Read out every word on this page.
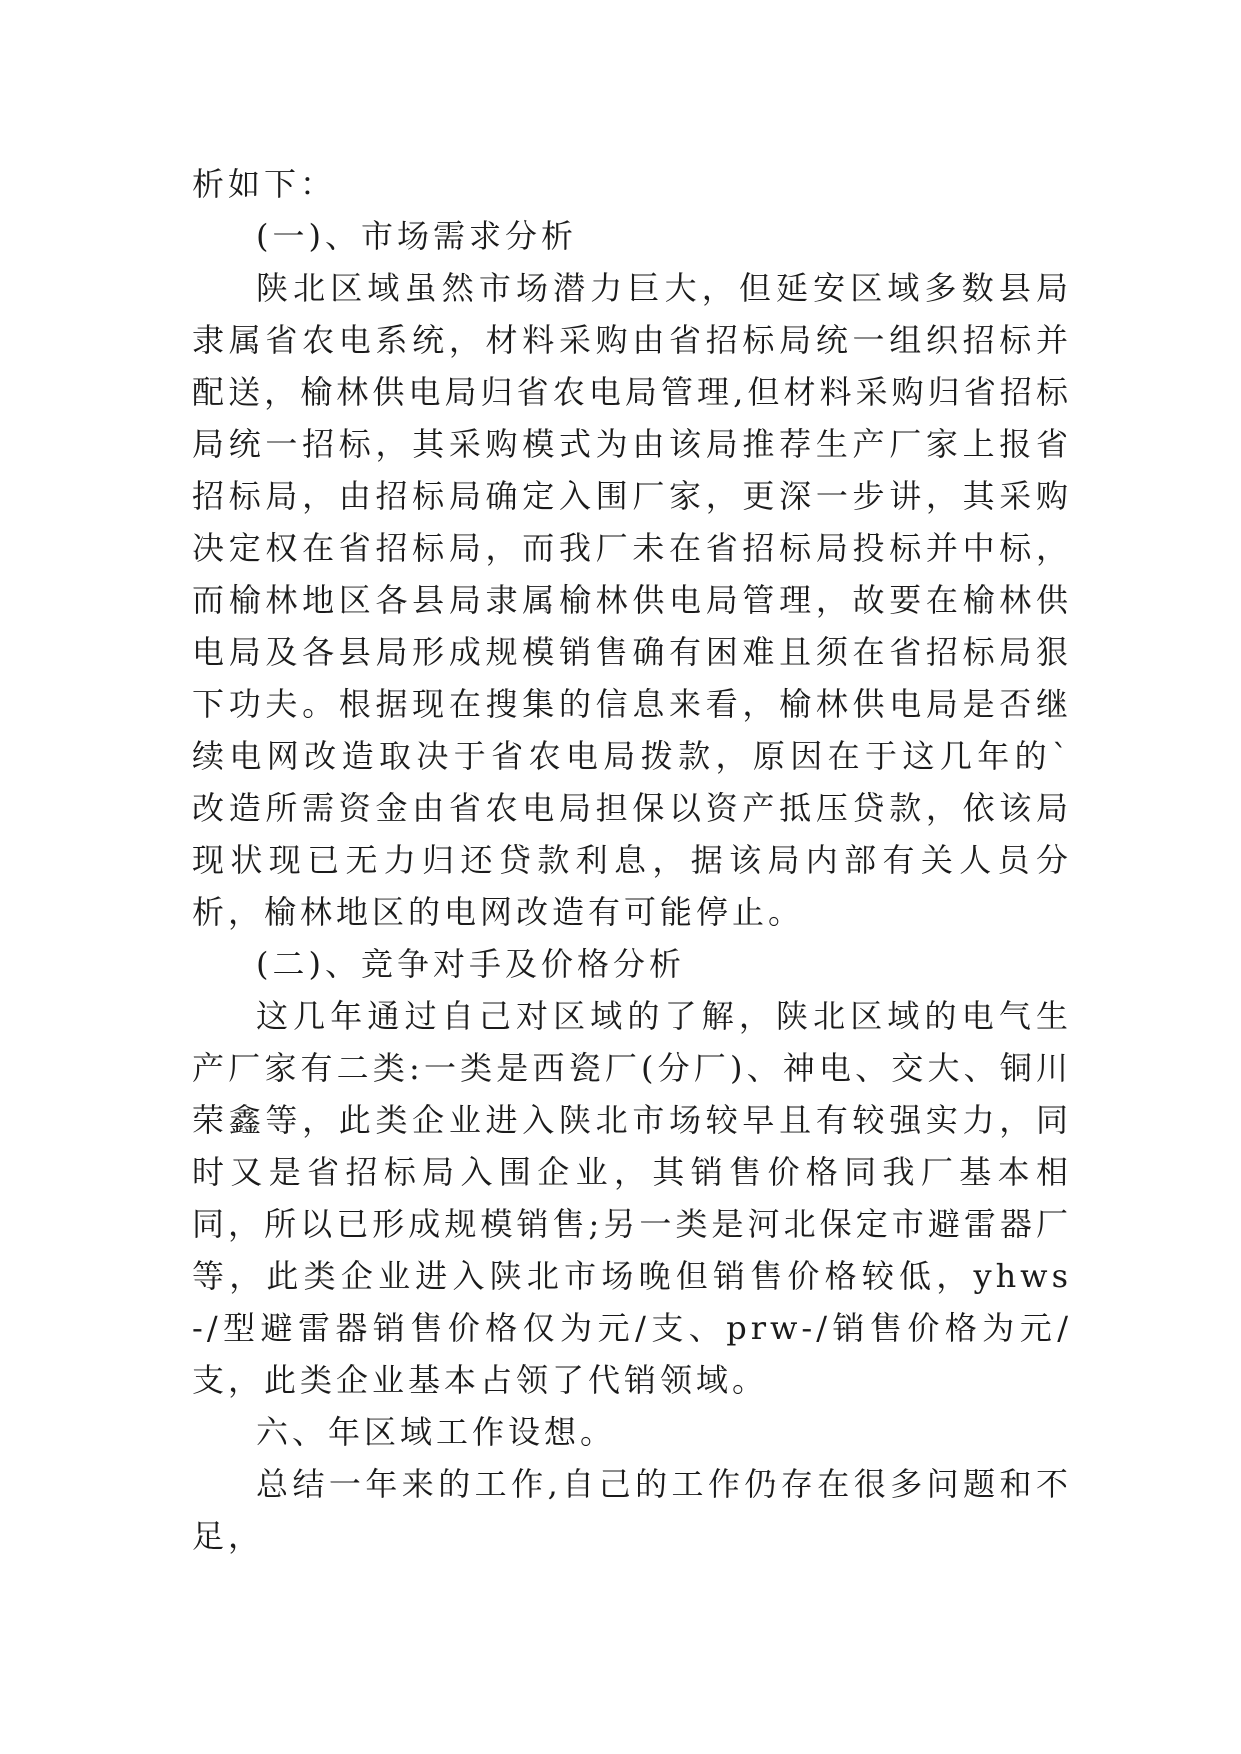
析如下：

(一)、市场需求分析

陕北区域虽然市场潜力巨大，但延安区域多数县局隶属省农电系统，材料采购由省招标局统一组织招标并配送，榆林供电局归省农电局管理,但材料采购归省招标局统一招标，其采购模式为由该局推荐生产厂家上报省招标局，由招标局确定入围厂家，更深一步讲，其采购决定权在省招标局，而我厂未在省招标局投标并中标，而榆林地区各县局隶属榆林供电局管理，故要在榆林供电局及各县局形成规模销售确有困难且须在省招标局狠下功夫。根据现在搜集的信息来看，榆林供电局是否继续电网改造取决于省农电局拨款，原因在于这几年的`改造所需资金由省农电局担保以资产抵压贷款，依该局现状现已无力归还贷款利息，据该局内部有关人员分析，榆林地区的电网改造有可能停止。

(二)、竞争对手及价格分析

这几年通过自己对区域的了解，陕北区域的电气生产厂家有二类:一类是西瓷厂(分厂)、神电、交大、铜川荣鑫等，此类企业进入陕北市场较早且有较强实力，同时又是省招标局入围企业，其销售价格同我厂基本相同，所以已形成规模销售;另一类是河北保定市避雷器厂等，此类企业进入陕北市场晚但销售价格较低，yhws-/型避雷器销售价格仅为元/支、prw-/销售价格为元/支，此类企业基本占领了代销领域。

六、年区域工作设想。

总结一年来的工作,自己的工作仍存在很多问题和不足，
